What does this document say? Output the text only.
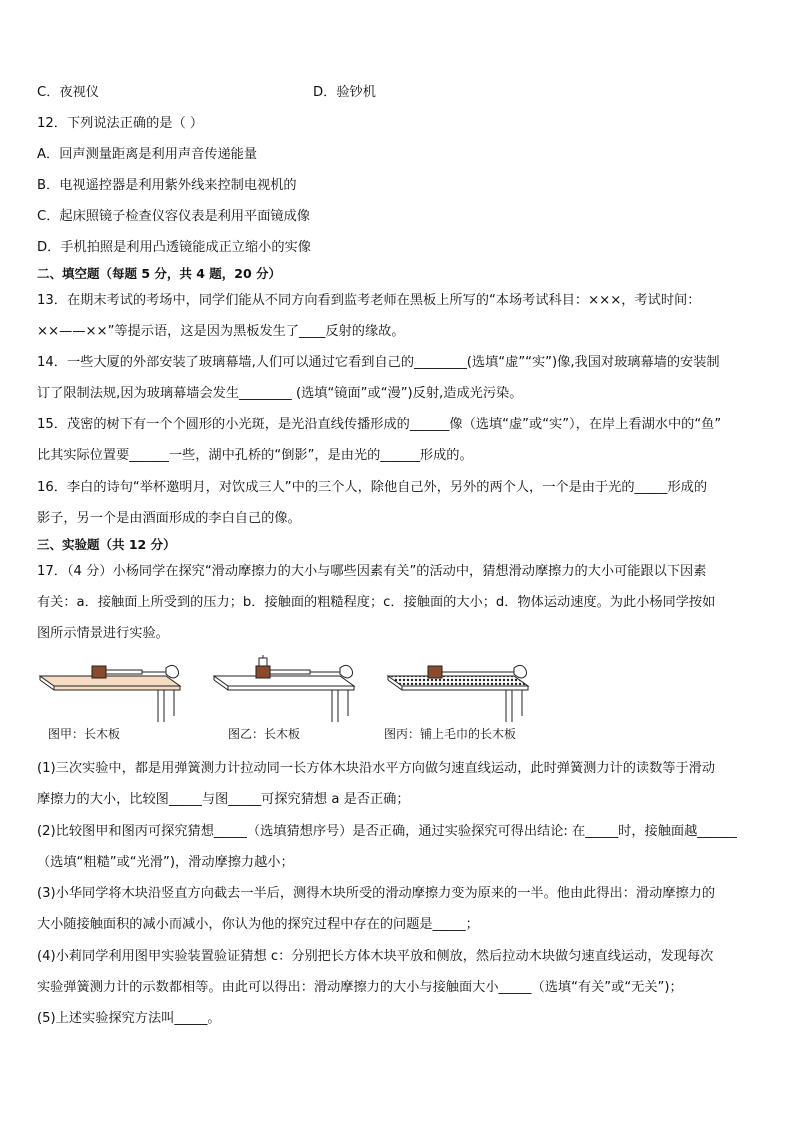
C．夜视仪	D．验钞机
12．下列说法正确的是（ ）
A．回声测量距离是利用声音传递能量
B．电视遥控器是利用紫外线来控制电视机的
C．起床照镜子检查仪容仪表是利用平面镜成像
D．手机拍照是利用凸透镜能成正立缩小的实像
二、填空题（每题 5 分，共 4 题，20 分）
13．在期末考试的考场中，同学们能从不同方向看到监考老师在黑板上所写的“本场考试科目：×××，考试时间：
××——××”等提示语，这是因为黑板发生了____反射的缘故。
14．一些大厦的外部安装了玻璃幕墙,人们可以通过它看到自己的________(选填“虚”“实”)像,我国对玻璃幕墙的安装制
订了限制法规,因为玻璃幕墙会发生________ (选填“镜面”或“漫”)反射,造成光污染。
15．茂密的树下有一个个圆形的小光斑，是光沿直线传播形成的______像（选填“虚”或“实”），在岸上看湖水中的“鱼”
比其实际位置要______一些，湖中孔桥的“倒影”，是由光的______形成的。
16．李白的诗句“举杯邀明月，对饮成三人”中的三个人，除他自己外，另外的两个人，一个是由于光的_____形成的
影子，另一个是由酒面形成的李白自己的像。
三、实验题（共 12 分）
17．（4 分）小杨同学在探究“滑动摩擦力的大小与哪些因素有关”的活动中，猜想滑动摩擦力的大小可能跟以下因素
有关：a．接触面上所受到的压力；b．接触面的粗糙程度；c．接触面的大小；d．物体运动速度。为此小杨同学按如
图所示情景进行实验。
图甲：长木板	图乙：长木板	图丙：铺上毛巾的长木板
(1)三次实验中，都是用弹簧测力计拉动同一长方体木块沿水平方向做匀速直线运动，此时弹簧测力计的读数等于滑动
摩擦力的大小，比较图_____与图_____可探究猜想 a 是否正确；
(2)比较图甲和图丙可探究猜想_____（选填猜想序号）是否正确，通过实验探究可得出结论: 在_____时，接触面越______
（选填“粗糙”或“光滑”)，滑动摩擦力越小；
(3)小华同学将木块沿竖直方向截去一半后，测得木块所受的滑动摩擦力变为原来的一半。他由此得出：滑动摩擦力的
大小随接触面积的减小而减小，你认为他的探究过程中存在的问题是_____；
(4)小莉同学利用图甲实验装置验证猜想 c：分别把长方体木块平放和侧放，然后拉动木块做匀速直线运动，发现每次
实验弹簧测力计的示数都相等。由此可以得出：滑动摩擦力的大小与接触面大小_____（选填“有关”或“无关”)；
(5)上述实验探究方法叫_____。
